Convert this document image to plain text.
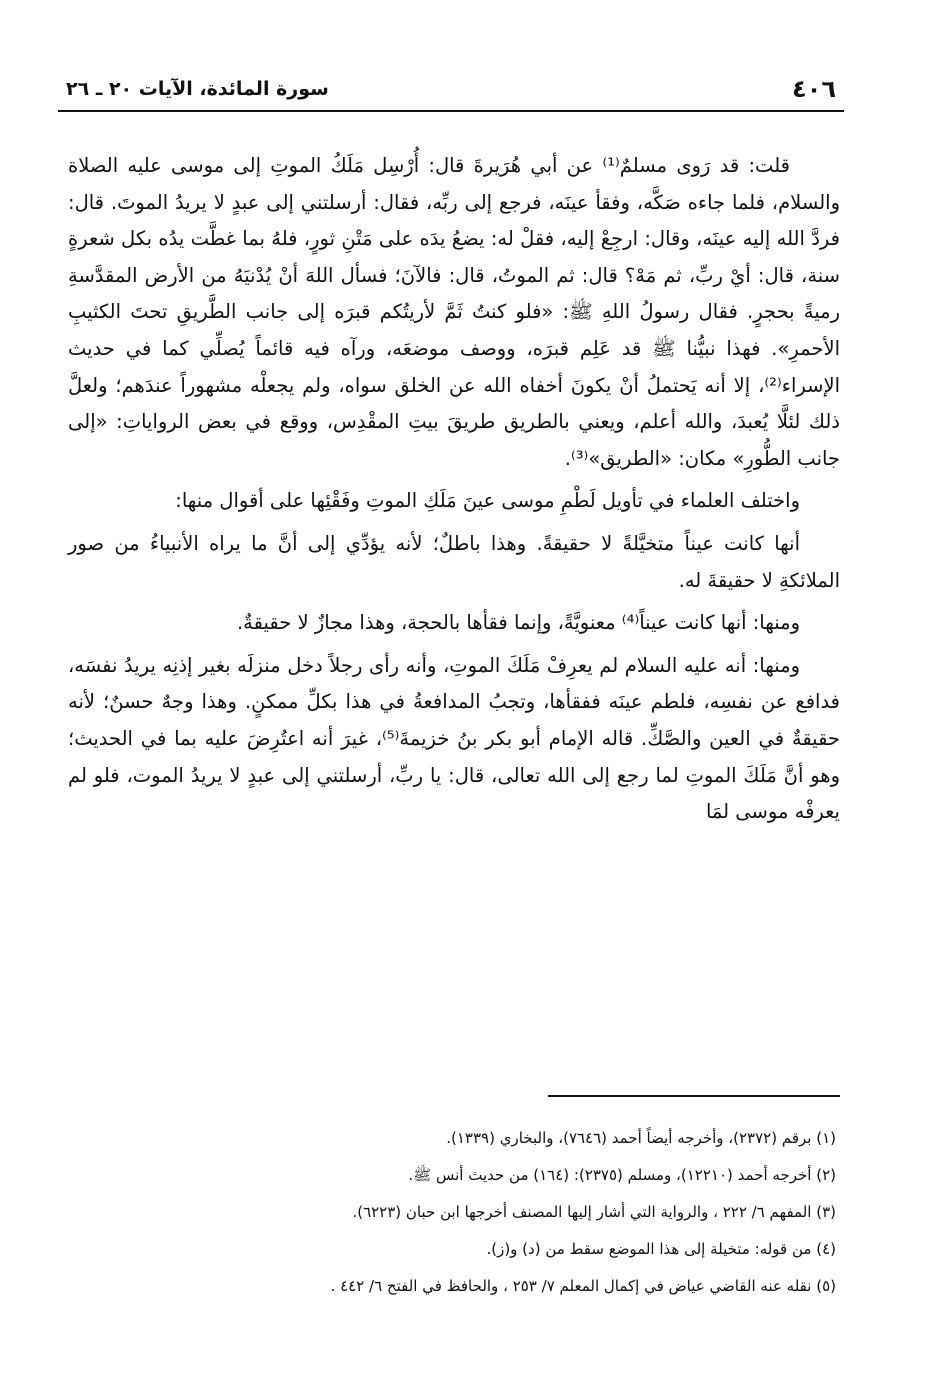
٤٠٦
سورة المائدة، الآيات ٢٠ ـ ٢٦

قلت: قد رَوى مسلمٌ⁽¹⁾ عن أبي هُرَيرةَ قال: أُرْسِل مَلَكُ الموتِ إلى موسى عليه الصلاة والسلام، فلما جاءه صَكَّه، وفقأ عينَه، فرجع إلى ربِّه، فقال: أرسلتني إلى عبدٍ لا يريدُ الموتَ. قال: فردَّ الله إليه عينَه، وقال: ارجِعْ إليه، فقلْ له: يضعُ يدَه على مَتْنِ ثورٍ، فلهُ بما غطَّت يدُه بكل شعرةٍ سنة، قال: أيْ ربِّ، ثم مَهْ؟ قال: ثم الموتُ، قال: فالآنَ؛ فسأل اللهَ أنْ يُدْنيَهُ من الأرض المقدَّسةِ رميةً بحجرٍ. فقال رسولُ اللهِ ﷺ: «فلو كنتُ ثَمَّ لأريتُكم قبرَه إلى جانب الطَّريقِ تحتَ الكثيبِ الأحمرِ». فهذا نبيُّنا ﷺ قد عَلِم قبرَه، ووصف موضعَه، ورآه فيه قائماً يُصلِّي كما في حديث الإسراء⁽²⁾، إلا أنه يَحتملُ أنْ يكونَ أخفاه الله عن الخلق سواه، ولم يجعلْه مشهوراً عندَهم؛ ولعلَّ ذلك لئلَّا يُعبدَ، والله أعلم، ويعني بالطريق طريقَ بيتِ المقْدِس، ووقع في بعض الرواياتِ: «إلى جانب الطُّورِ» مكان: «الطريق»⁽³⁾.

واختلف العلماء في تأويل لَطْمِ موسى عينَ مَلَكِ الموتِ وفَقْئِها على أقوال منها:

أنها كانت عيناً متخيَّلةً لا حقيقةً. وهذا باطلٌ؛ لأنه يؤدِّي إلى أنَّ ما يراه الأنبياءُ من صور الملائكةِ لا حقيقةَ له.

ومنها: أنها كانت عيناً⁽⁴⁾ معنويَّةً، وإنما فقأها بالحجة، وهذا مجازٌ لا حقيقةٌ.

ومنها: أنه عليه السلام لم يعرِفْ مَلَكَ الموتِ، وأنه رأى رجلاً دخل منزلَه بغير إذنِه يريدُ نفسَه، فدافع عن نفسِه، فلطم عينَه ففقأها، وتجبُ المدافعةُ في هذا بكلِّ ممكنٍ. وهذا وجهٌ حسنٌ؛ لأنه حقيقةٌ في العين والصَّكِّ. قاله الإمام أبو بكر بنُ خزيمةَ⁽⁵⁾، غيرَ أنه اعتُرِضَ عليه بما في الحديث؛ وهو أنَّ مَلَكَ الموتِ لما رجع إلى الله تعالى، قال: يا ربِّ، أرسلتني إلى عبدٍ لا يريدُ الموت، فلو لم يعرفْه موسى لمَا

(١) برقم (٢٣٧٢)، وأخرجه أيضاً أحمد (٧٦٤٦)، والبخاري (١٣٣٩).
(٢) أخرجه أحمد (١٢٢١٠)، ومسلم (٢٣٧٥): (١٦٤) من حديث أنس ﷺ.
(٣) المفهم ٦/ ٢٢٢ ، والرواية التي أشار إليها المصنف أخرجها ابن حبان (٦٢٢٣).
(٤) من قوله: متخيلة إلى هذا الموضع سقط من (د) و(ز).
(٥) نقله عنه القاضي عياض في إكمال المعلم ٧/ ٢٥٣ ، والحافظ في الفتح ٦/ ٤٤٢ .
